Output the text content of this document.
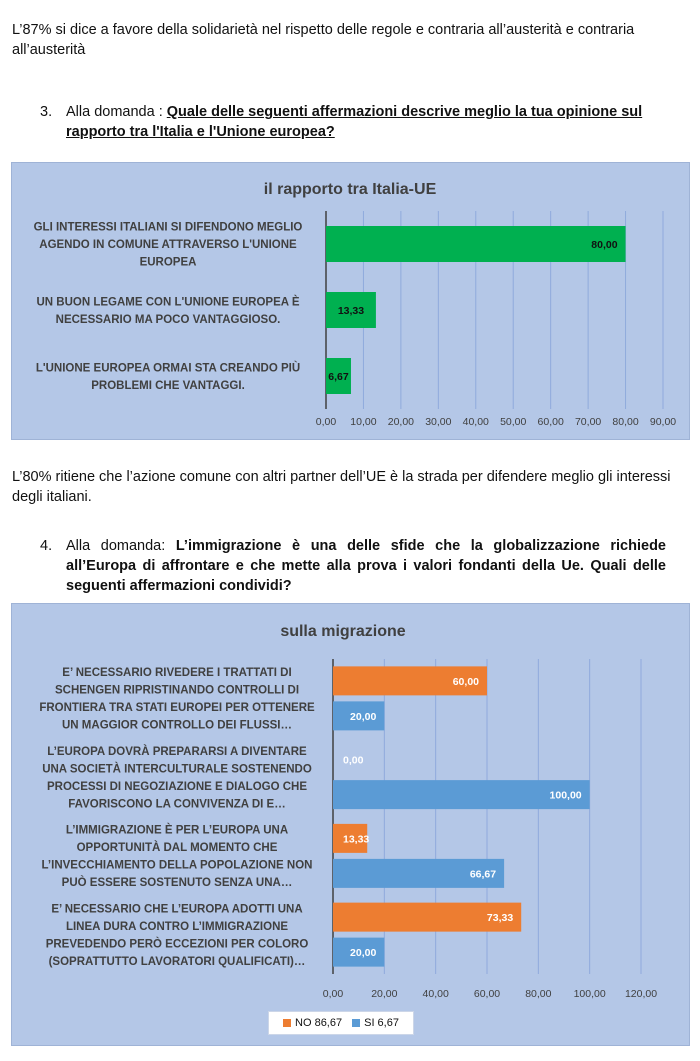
L’87% si dice a favore della solidarietà nel rispetto delle regole e contraria all’austerità e contraria all’austerità
3. Alla domanda : Quale delle seguenti affermazioni descrive meglio la tua opinione sul rapporto tra l'Italia e l'Unione europea?
il rapporto tra Italia-UE
0,00 10,00 20,00 30,00 40,00 50,00 60,00 70,00 80,00 90,00
80,00
GLI INTERESSI ITALIANI SI DIFENDONO MEGLIO
AGENDO IN COMUNE ATTRAVERSO L'UNIONE
EUROPEA
13,33
UN BUON LEGAME CON L'UNIONE EUROPEA È
NECESSARIO MA POCO VANTAGGIOSO.
6,67
L'UNIONE EUROPEA ORMAI STA CREANDO PIÙ
PROBLEMI CHE VANTAGGI.
L’80% ritiene che l’azione comune con altri partner dell’UE è la strada per difendere meglio gli interessi degli italiani.
4. Alla domanda: L’immigrazione è una delle sfide che la globalizzazione richiede all’Europa di affrontare e che mette alla prova i valori fondanti della Ue. Quali delle seguenti affermazioni condividi?
sulla migrazione
0,00	20,00 40,00 60,00 80,00 100,00 120,00
60,00
20,00
E’ NECESSARIO RIVEDERE I TRATTATI DI
SCHENGEN RIPRISTINANDO CONTROLLI DI
FRONTIERA TRA STATI EUROPEI PER OTTENERE
UN MAGGIOR CONTROLLO DEI FLUSSI…
0,00
100,00
L’EUROPA DOVRÀ PREPARARSI A DIVENTARE
UNA SOCIETÀ INTERCULTURALE SOSTENENDO
PROCESSI DI NEGOZIAZIONE E DIALOGO CHE
FAVORISCONO LA CONVIVENZA DI E…
13,33
66,67
L’IMMIGRAZIONE È PER L’EUROPA UNA
OPPORTUNITÀ DAL MOMENTO CHE
L’INVECCHIAMENTO DELLA POPOLAZIONE NON
PUÒ ESSERE SOSTENUTO SENZA UNA…
73,33
20,00
E’ NECESSARIO CHE L’EUROPA ADOTTI UNA
LINEA DURA CONTRO L’IMMIGRAZIONE
PREVEDENDO PERÒ ECCEZIONI PER COLORO
(SOPRATTUTTO LAVORATORI QUALIFICATI)…
NO 86,67 SI 6,67
